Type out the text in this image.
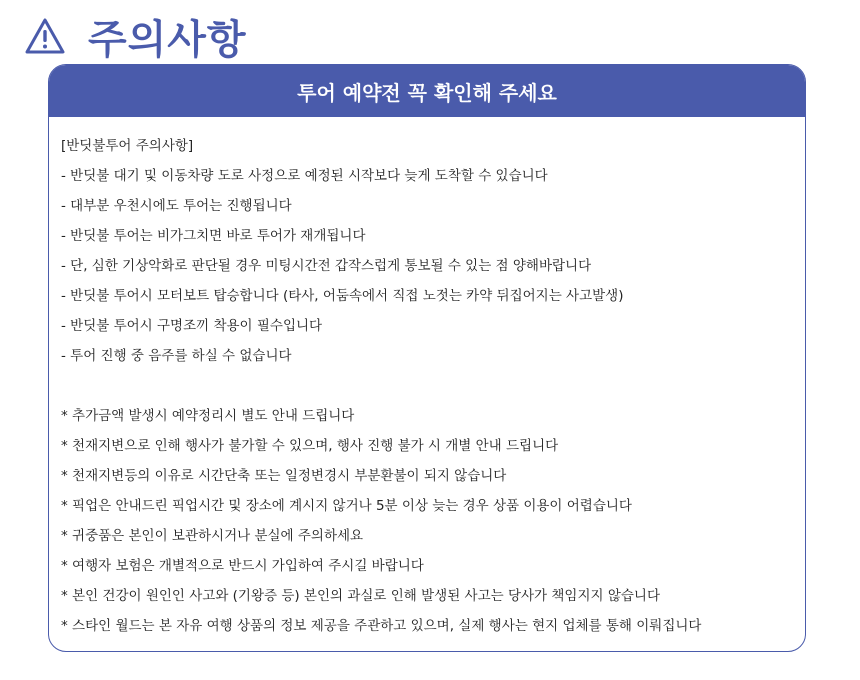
주의사항
투어 예약전 꼭 확인해 주세요
[반딧불투어 주의사항]
- 반딧불 대기 및 이동차량 도로 사정으로 예정된 시작보다 늦게 도착할 수 있습니다
- 대부분 우천시에도 투어는 진행됩니다
- 반딧불 투어는 비가그치면 바로 투어가 재개됩니다
- 단, 심한 기상악화로 판단될 경우 미팅시간전 갑작스럽게 통보될 수 있는 점 양해바랍니다
- 반딧불 투어시 모터보트 탑승합니다 (타사, 어둠속에서 직접 노젓는 카약 뒤집어지는 사고발생)
- 반딧불 투어시 구명조끼 착용이 필수입니다
- 투어 진행 중 음주를 하실 수 없습니다
* 추가금액 발생시 예약정리시 별도 안내 드립니다
* 천재지변으로 인해 행사가 불가할 수 있으며, 행사 진행 불가 시 개별 안내 드립니다
* 천재지변등의 이유로 시간단축 또는 일정변경시 부분환불이 되지 않습니다
* 픽업은 안내드린 픽업시간 및 장소에 계시지 않거나 5분 이상 늦는 경우 상품 이용이 어렵습니다
* 귀중품은 본인이 보관하시거나 분실에 주의하세요
* 여행자 보험은 개별적으로 반드시 가입하여 주시길 바랍니다
* 본인 건강이 원인인 사고와 (기왕증 등) 본인의 과실로 인해 발생된 사고는 당사가 책임지지 않습니다
* 스타인 월드는 본 자유 여행 상품의 정보 제공을 주관하고 있으며, 실제 행사는 현지 업체를 통해 이뤄집니다
